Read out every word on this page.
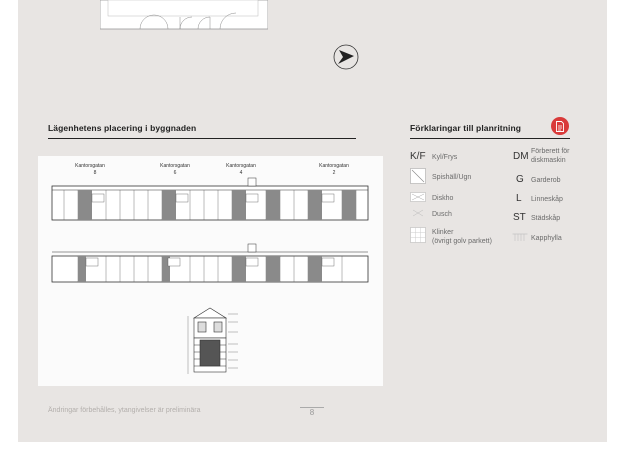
Lägenhetens placering i byggnaden
Kantorsgatan
8
Kantorsgatan
6
Kantorsgatan
4
Kantorsgatan
2
Förklaringar till planritning
K/F Kyl/Frys
Spishäll/Ugn
Diskho
Dusch
Klinker
(övrigt golv parkett)
DM Förberett för
diskmaskin
G Garderob
L Linneskåp
ST Städskåp
Kapphylla
Ändringar förbehålles, ytangivelser är preliminära	8
